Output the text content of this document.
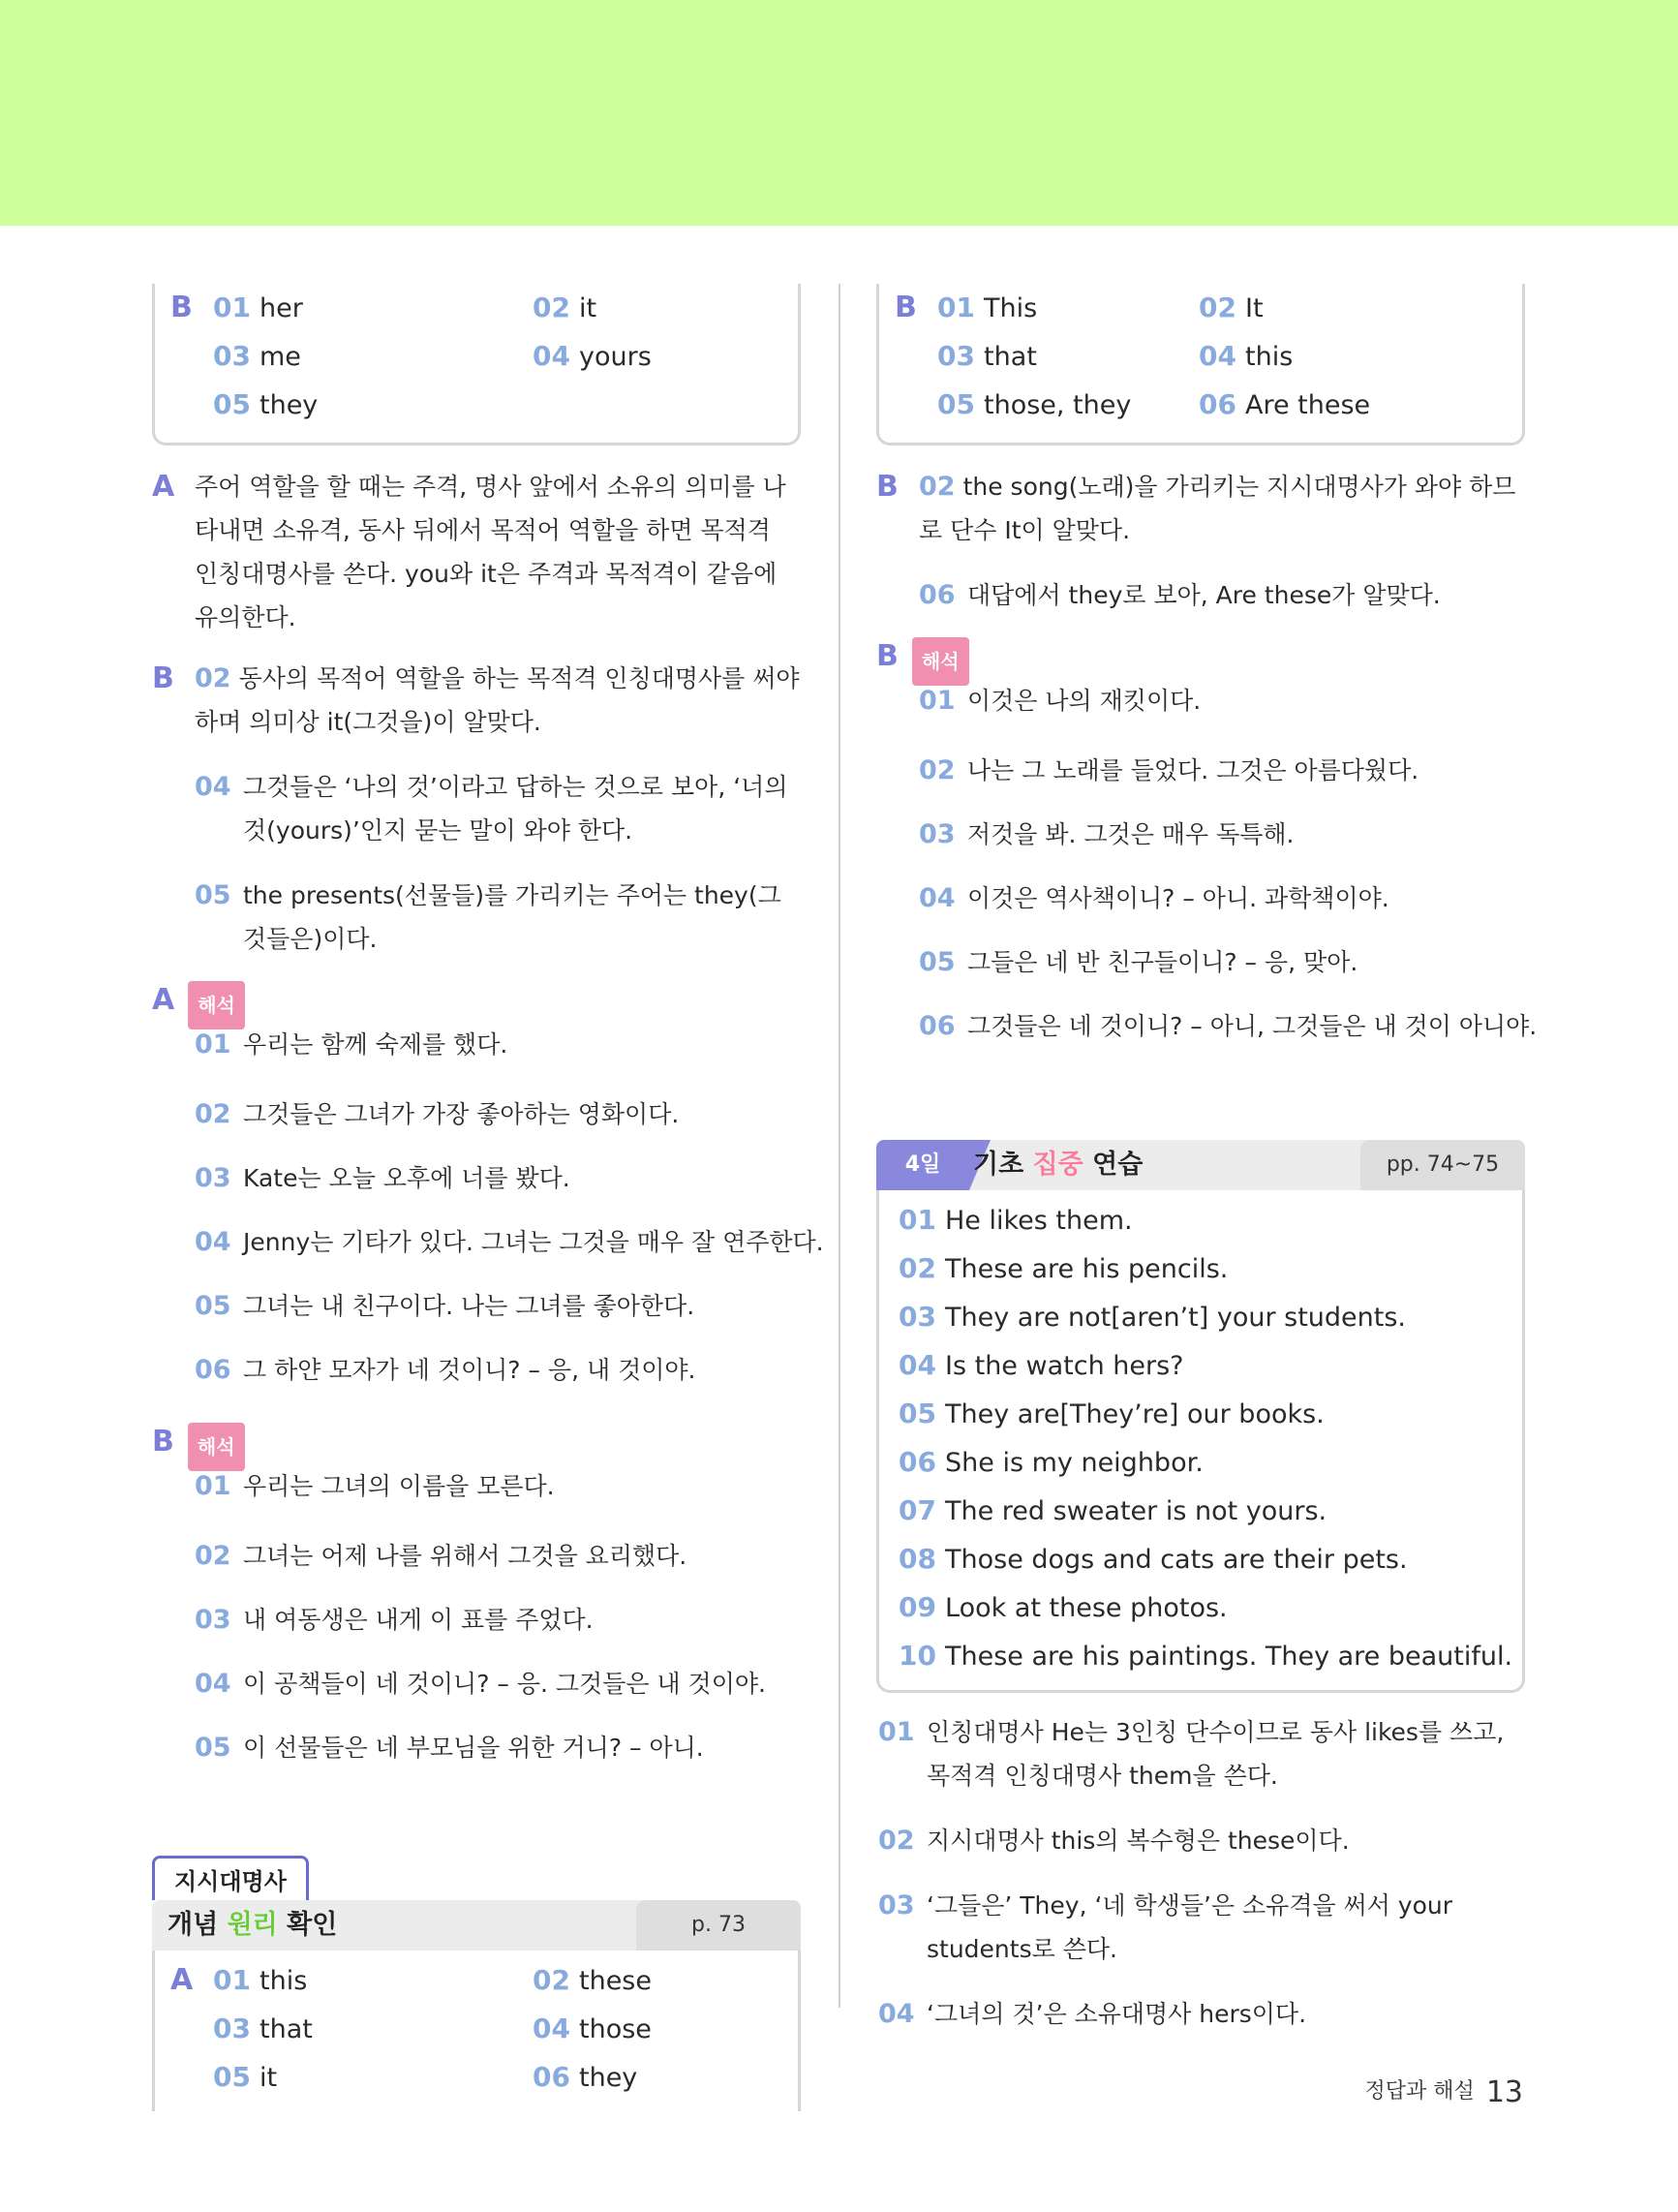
B 01 her	02 it
03 me	04 yours
05 they
A 주어 역할을 할 때는 주격, 명사 앞에서 소유의 의미를 나타내면 소유격, 동사 뒤에서 목적어 역할을 하면 목적격 인칭대명사를 쓴다. you와 it은 주격과 목적격이 같음에 유의한다.
B 02 동사의 목적어 역할을 하는 목적격 인칭대명사를 써야 하며 의미상 it(그것을)이 알맞다.
04 그것들은 ‘나의 것’이라고 답하는 것으로 보아, ‘너의 것(yours)’인지 묻는 말이 와야 한다.
05 the presents(선물들)를 가리키는 주어는 they(그것들은)이다.
A 해석
01 우리는 함께 숙제를 했다.
02 그것들은 그녀가 가장 좋아하는 영화이다.
03 Kate는 오늘 오후에 너를 봤다.
04 Jenny는 기타가 있다. 그녀는 그것을 매우 잘 연주한다.
05 그녀는 내 친구이다. 나는 그녀를 좋아한다.
06 그 하얀 모자가 네 것이니? – 응, 내 것이야.
B 해석
01 우리는 그녀의 이름을 모른다.
02 그녀는 어제 나를 위해서 그것을 요리했다.
03 내 여동생은 내게 이 표를 주었다.
04 이 공책들이 네 것이니? – 응. 그것들은 내 것이야.
05 이 선물들은 네 부모님을 위한 거니? – 아니.
지시대명사
개념 원리 확인	p. 73
A 01 this	02 these
03 that	04 those
05 it	06 they
B 01 This	02 It
03 that	04 this
05 those, they	06 Are these
B 02 the song(노래)을 가리키는 지시대명사가 와야 하므로 단수 It이 알맞다.
06 대답에서 they로 보아, Are these가 알맞다.
B 해석
01 이것은 나의 재킷이다.
02 나는 그 노래를 들었다. 그것은 아름다웠다.
03 저것을 봐. 그것은 매우 독특해.
04 이것은 역사책이니? – 아니. 과학책이야.
05 그들은 네 반 친구들이니? – 응, 맞아.
06 그것들은 네 것이니? – 아니, 그것들은 내 것이 아니야.
4일	기초 집중 연습	pp. 74~75
01 He likes them.
02 These are his pencils.
03 They are not[aren’t] your students.
04 Is the watch hers?
05 They are[They’re] our books.
06 She is my neighbor.
07 The red sweater is not yours.
08 Those dogs and cats are their pets.
09 Look at these photos.
10 These are his paintings. They are beautiful.
01 인칭대명사 He는 3인칭 단수이므로 동사 likes를 쓰고, 목적격 인칭대명사 them을 쓴다.
02 지시대명사 this의 복수형은 these이다.
03 ‘그들은’ They, ‘네 학생들’은 소유격을 써서 your students로 쓴다.
04 ‘그녀의 것’은 소유대명사 hers이다.
정답과 해설 13
